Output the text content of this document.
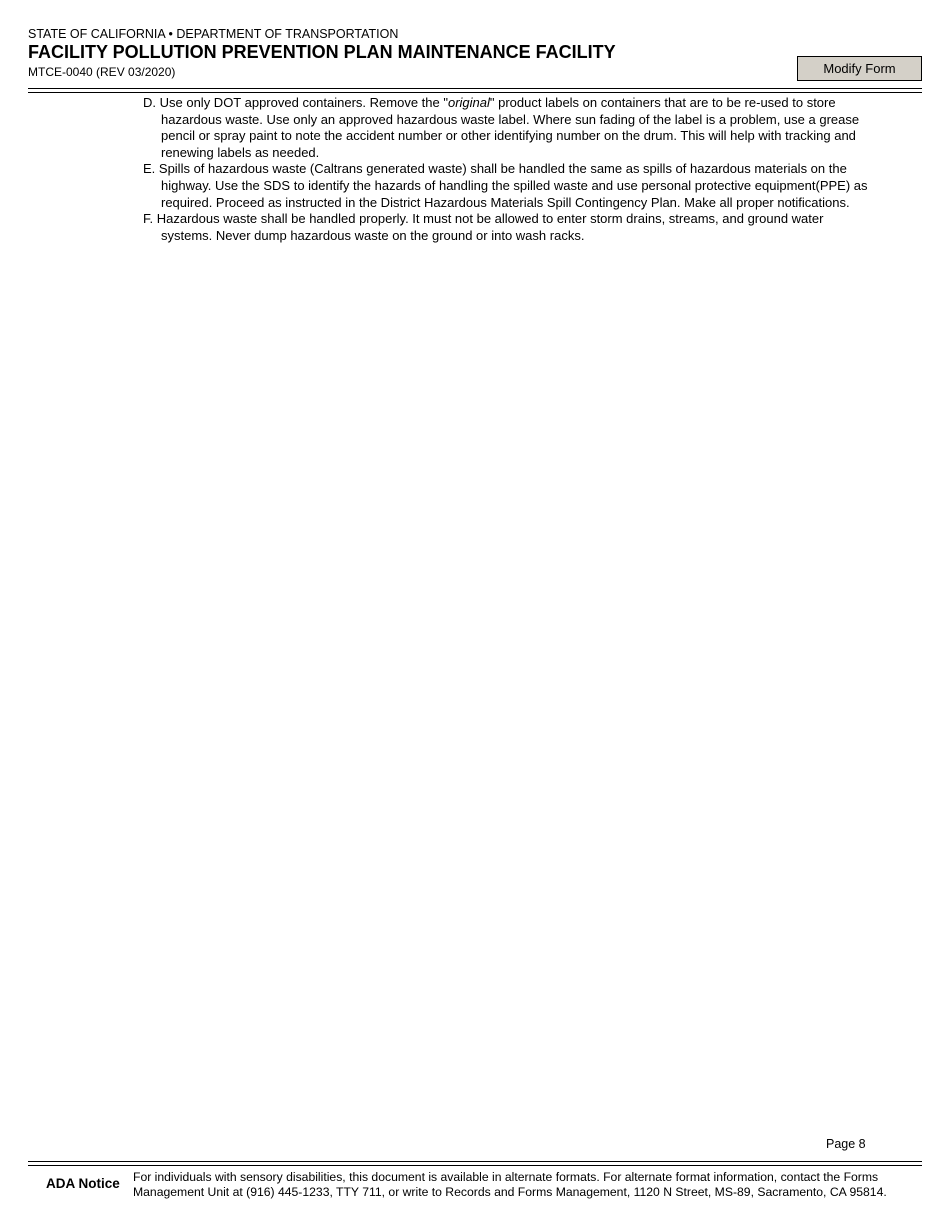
STATE OF CALIFORNIA • DEPARTMENT OF TRANSPORTATION
FACILITY POLLUTION PREVENTION PLAN MAINTENANCE FACILITY
MTCE-0040 (REV 03/2020)	Modify Form

D. Use only DOT approved containers. Remove the "original" product labels on containers that are to be re-used to store hazardous waste. Use only an approved hazardous waste label. Where sun fading of the label is a problem, use a grease pencil or spray paint to note the accident number or other identifying number on the drum. This will help with tracking and renewing labels as needed.

E. Spills of hazardous waste (Caltrans generated waste) shall be handled the same as spills of hazardous materials on the highway. Use the SDS to identify the hazards of handling the spilled waste and use personal protective equipment(PPE) as required. Proceed as instructed in the District Hazardous Materials Spill Contingency Plan. Make all proper notifications.

F. Hazardous waste shall be handled properly. It must not be allowed to enter storm drains, streams, and ground water systems. Never dump hazardous waste on the ground or into wash racks.

Page 8
ADA Notice For individuals with sensory disabilities, this document is available in alternate formats. For alternate format information, contact the Forms Management Unit at (916) 445-1233, TTY 711, or write to Records and Forms Management, 1120 N Street, MS-89, Sacramento, CA 95814.
